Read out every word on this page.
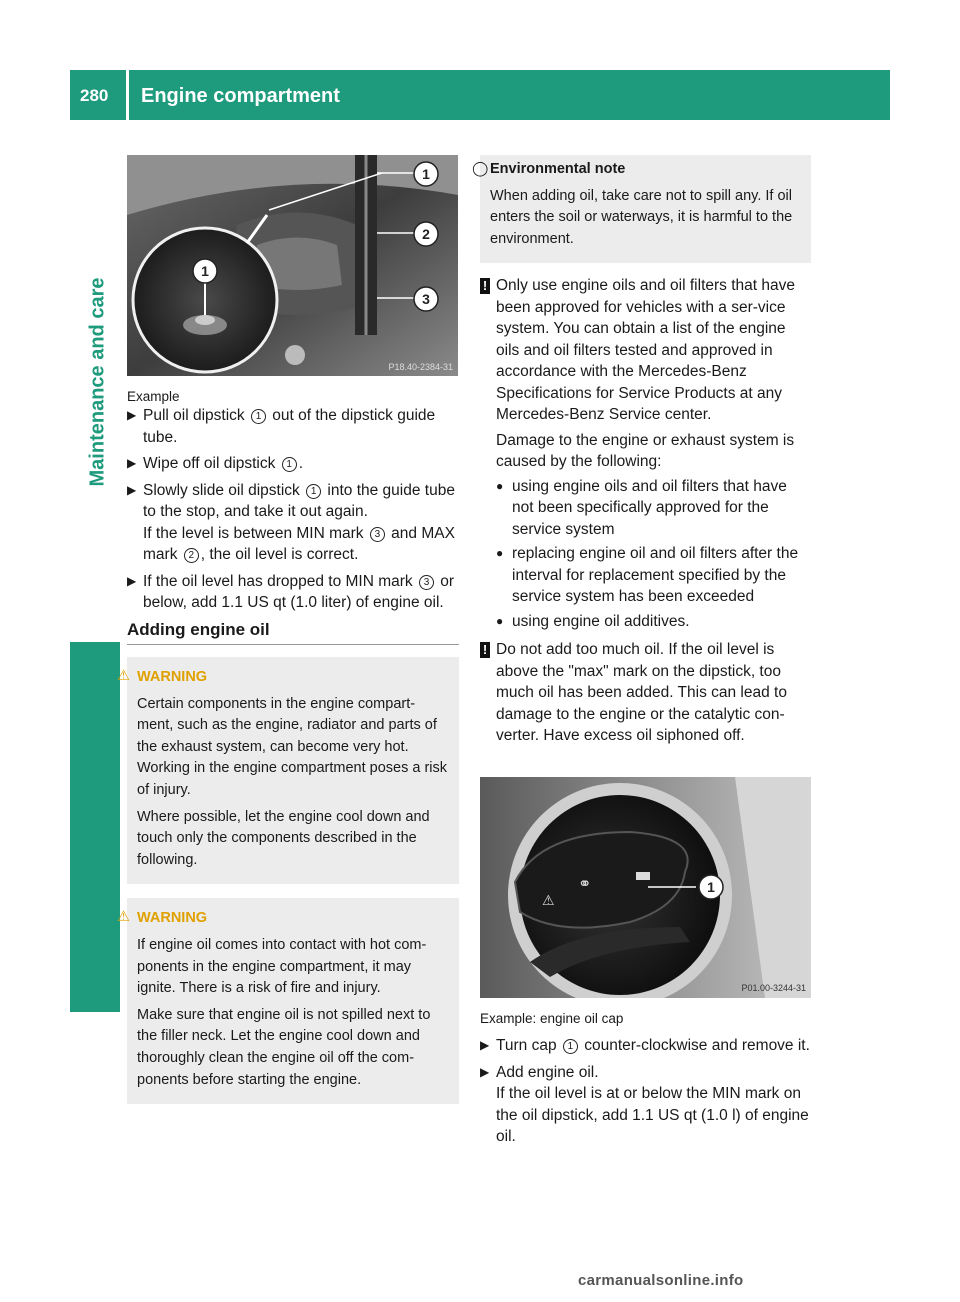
280 Engine compartment
Maintenance and care
1
2
3
1
P18.40-2384-31

Example

▶ Pull oil dipstick 1 out of the dipstick guide tube.
▶ Wipe off oil dipstick 1 .
▶ Slowly slide oil dipstick 1 into the guide tube to the stop, and take it out again.
If the level is between MIN mark 3 and MAX mark 2 , the oil level is correct.
▶ If the oil level has dropped to MIN mark 3 or below, add 1.1 US qt (1.0 liter) of engine oil.

Adding engine oil

⚠ WARNING

Certain components in the engine compart-ment, such as the engine, radiator and parts of the exhaust system, can become very hot. Working in the engine compartment poses a risk of injury.

Where possible, let the engine cool down and touch only the components described in the following.

⚠ WARNING

If engine oil comes into contact with hot com-ponents in the engine compartment, it may ignite. There is a risk of fire and injury.

Make sure that engine oil is not spilled next to the filler neck. Let the engine cool down and thoroughly clean the engine oil off the com-ponents before starting the engine.

◯ Environmental note

When adding oil, take care not to spill any. If oil enters the soil or waterways, it is harmful to the environment.

! Only use engine oils and oil filters that have been approved for vehicles with a ser-vice system. You can obtain a list of the engine oils and oil filters tested and approved in accordance with the Mercedes-Benz Specifications for Service Products at any Mercedes-Benz Service center.

Damage to the engine or exhaust system is caused by the following:

● using engine oils and oil filters that have not been specifically approved for the service system
● replacing engine oil and oil filters after the interval for replacement specified by the service system has been exceeded
● using engine oil additives.
! Do not add too much oil. If the oil level is above the "max" mark on the dipstick, too much oil has been added. This can lead to damage to the engine or the catalytic con-verter. Have excess oil siphoned off.

⚠
⚭	1
P01.00-3244-31

Example: engine oil cap

▶ Turn cap 1 counter-clockwise and remove it.
▶ Add engine oil.
If the oil level is at or below the MIN mark on the oil dipstick, add 1.1 US qt (1.0 l) of engine oil.
carmanualsonline.info
